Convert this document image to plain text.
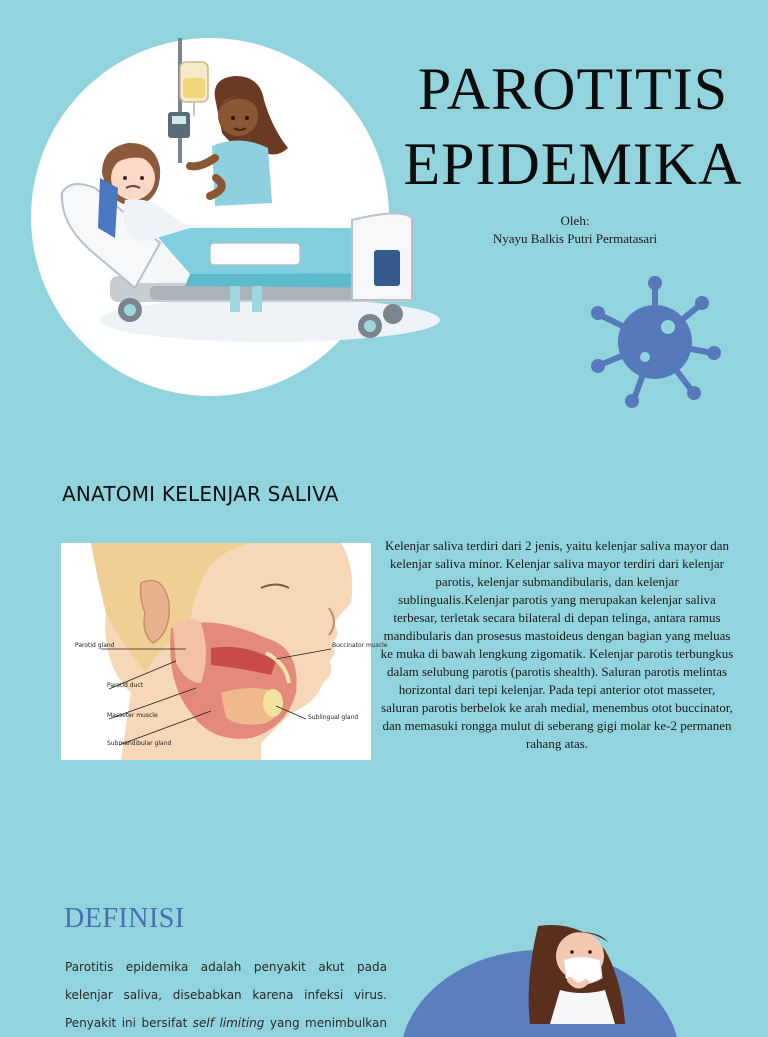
PAROTITIS
EPIDEMIKA
Oleh:
Nyayu Balkis Putri Permatasari
ANATOMI KELENJAR SALIVA
Parotid gland
Parotid duct
Masseter muscle
Submandibular gland
Buccinator muscle
Sublingual gland
Kelenjar saliva terdiri dari 2 jenis, yaitu kelenjar saliva mayor dan kelenjar saliva minor. Kelenjar saliva mayor terdiri dari kelenjar parotis, kelenjar submandibularis, dan kelenjar sublingualis.Kelenjar parotis yang merupakan kelenjar saliva terbesar, terletak secara bilateral di depan telinga, antara ramus mandibularis dan prosesus mastoideus dengan bagian yang meluas ke muka di bawah lengkung zigomatik. Kelenjar parotis terbungkus dalam selubung parotis (parotis shealth). Saluran parotis melintas horizontal dari tepi kelenjar. Pada tepi anterior otot masseter, saluran parotis berbelok ke arah medial, menembus otot buccinator, dan memasuki rongga mulut di seberang gigi molar ke-2 permanen rahang atas.
DEFINISI
Parotitis epidemika adalah penyakit akut pada
kelenjar saliva, disebabkan karena infeksi virus.
Penyakit ini bersifat self limiting yang menimbulkan
